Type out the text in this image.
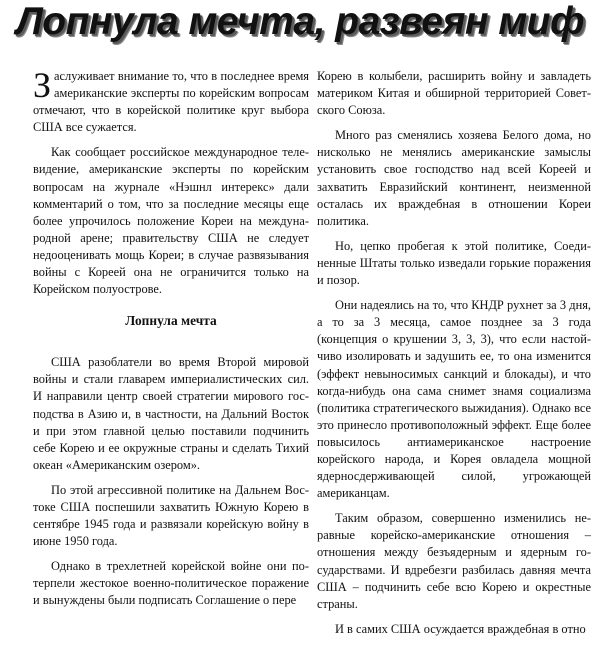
Лопнула мечта, развеян миф

Заслуживает внимание то, что в последнее время американские эксперты по корейским вопросам отмечают, что в корейской политике круг выбора США все сужается.

Как сообщает российское международное телевидение, американские эксперты по корейским вопросам на журнале «Нэшнл интерекс» дали комментарий о том, что за последние месяцы еще более упрочилось положение Кореи на международной арене; правительству США не следует недооценивать мощь Кореи; в случае развязывания войны с Кореей она не ограничится только на Корейском полуострове.

Лопнула мечта

США разоблатели во время Второй мировой войны и стали главарем империалистических сил. И направили центр своей стратегии мирового господства в Азию и, в частности, на Дальний Восток и при этом главной целью поставили подчинить себе Корею и ее окружные страны и сделать Тихий океан «Американским озером».

По этой агрессивной политике на Дальнем Востоке США поспешили захватить Южную Корею в сентябре 1945 года и развязали корейскую войну в июне 1950 года.

Однако в трехлетней корейской войне они потерпели жестокое военно-политическое поражение и вынуждены были подписать Соглашение о пере

Корею в колыбели, расширить войну и завладеть материком Китая и обширной территорией Советского Союза.

Много раз сменялись хозяева Белого дома, но нисколько не менялись американские замыслы установить свое господство над всей Кореей и захватить Евразийский континент, неизменной осталась их враждебная в отношении Кореи политика.

Но, цепко пробегая к этой политике, Соединенные Штаты только изведали горькие поражения и позор.

Они надеялись на то, что КНДР рухнет за 3 дня, а то за 3 месяца, самое позднее за 3 года (концепция о крушении 3, 3, 3), что если настойчиво изолировать и задушить ее, то она изменится (эффект невыносимых санкций и блокады), и что когда-нибудь она сама снимет знамя социализма (политика стратегического выжидания). Однако все это принесло противоположный эффект. Еще более повысилось антиамериканское настроение корейского народа, и Корея овладела мощной ядерносдерживающей силой, угрожающей американцам.

Таким образом, совершенно изменились неравные корейско-американские отношения – отношения между безъядерным и ядерным государствами. И вдребезги разбилась давняя мечта США – подчинить себе всю Корею и окрестные страны.

И в самих США осуждается враждебная в отно
